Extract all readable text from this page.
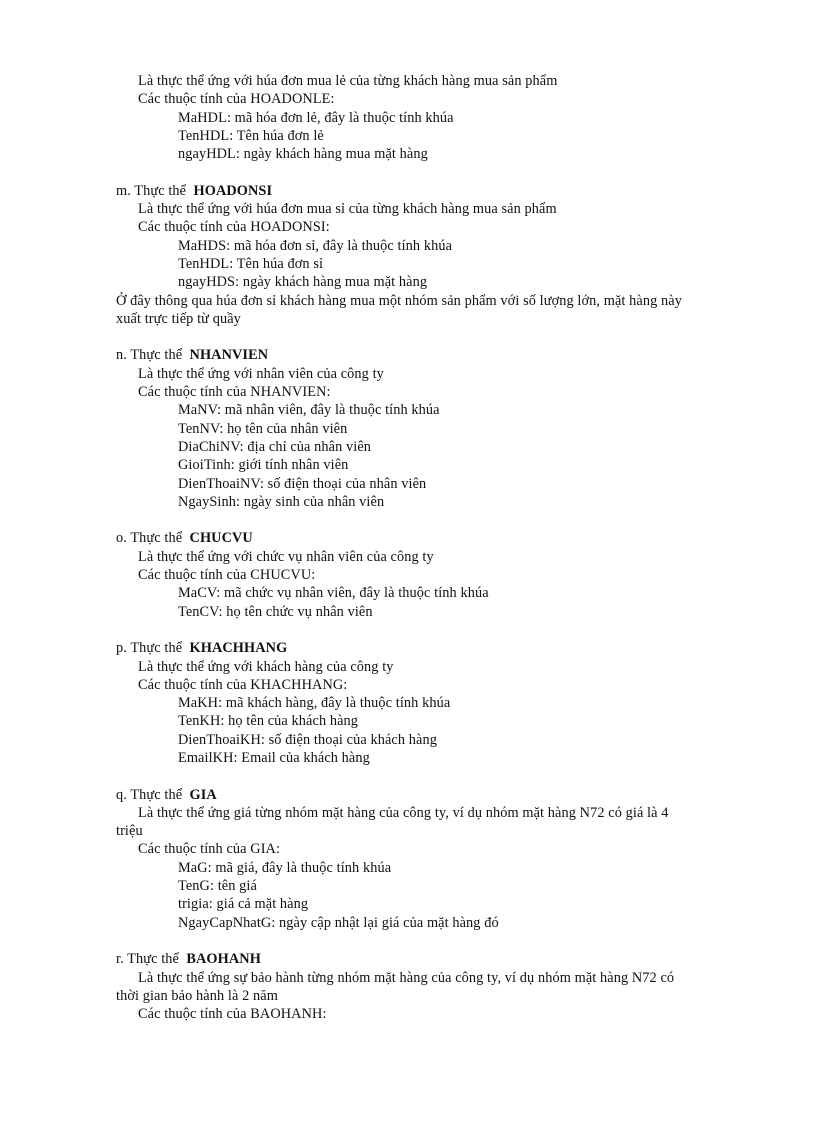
Là thực thể ứng với húa đơn mua lẻ của từng khách hàng mua sản phẩm
Các thuộc tính của HOADONLE:
MaHDL: mã hóa đơn lẻ, đây là thuộc tính khúa
TenHDL: Tên húa đơn lẻ
ngayHDL: ngày khách hàng mua mặt hàng
m. Thực thể HOADONSI
Là thực thể ứng với húa đơn mua sỉ của từng khách hàng mua sản phẩm
Các thuộc tính của HOADONSI:
MaHDS: mã hóa đơn sỉ, đây là thuộc tính khúa
TenHDL: Tên húa đơn sỉ
ngayHDS: ngày khách hàng mua mặt hàng
Ở đây thông qua húa đơn sỉ khách hàng mua một nhóm sản phẩm với số lượng lớn, mặt hàng này
xuất trực tiếp từ quầy
n. Thực thể NHANVIEN
Là thực thể ứng với nhân viên của công ty
Các thuộc tính của NHANVIEN:
MaNV: mã nhân viên, đây là thuộc tính khúa
TenNV: họ tên của nhân viên
DiaChiNV: địa chỉ của nhân viên
GioiTinh: giới tính nhân viên
DienThoaiNV: số điện thoại của nhân viên
NgaySinh: ngày sinh của nhân viên
o. Thực thể CHUCVU
Là thực thể ứng với chức vụ nhân viên của công ty
Các thuộc tính của CHUCVU:
MaCV: mã chức vụ nhân viên, đây là thuộc tính khúa
TenCV: họ tên chức vụ nhân viên
p. Thực thể KHACHHANG
Là thực thể ứng với khách hàng của công ty
Các thuộc tính của KHACHHANG:
MaKH: mã khách hàng, đây là thuộc tính khúa
TenKH: họ tên của khách hàng
DienThoaiKH: số điện thoại của khách hàng
EmailKH: Email của khách hàng
q. Thực thể GIA
Là thực thể ứng giá từng nhóm mặt hàng của công ty, ví dụ nhóm mặt hàng N72 có giá là 4
triệu
Các thuộc tính của GIA:
MaG: mã giá, đây là thuộc tính khúa
TenG: tên giá
trigia: giá cả mặt hàng
NgayCapNhatG: ngày cập nhật lại giá của mặt hàng đó
r. Thực thể BAOHANH
Là thực thể ứng sự bảo hành từng nhóm mặt hàng của công ty, ví dụ nhóm mặt hàng N72 có
thời gian bảo hành là 2 năm
Các thuộc tính của BAOHANH:
